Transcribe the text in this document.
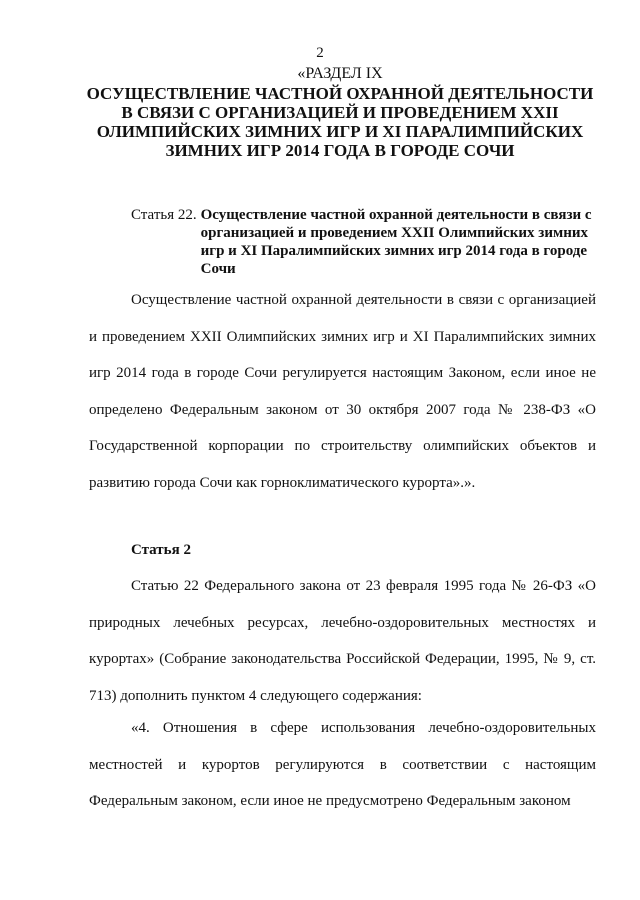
2
«РАЗДЕЛ IX
ОСУЩЕСТВЛЕНИЕ ЧАСТНОЙ ОХРАННОЙ ДЕЯТЕЛЬНОСТИ В СВЯЗИ С ОРГАНИЗАЦИЕЙ И ПРОВЕДЕНИЕМ XXII ОЛИМПИЙСКИХ ЗИМНИХ ИГР И XI ПАРАЛИМПИЙСКИХ ЗИМНИХ ИГР 2014 ГОДА В ГОРОДЕ СОЧИ
Статья 22. Осуществление частной охранной деятельности в связи с организацией и проведением XXII Олимпийских зимних игр и XI Паралимпийских зимних игр 2014 года в городе Сочи

Осуществление частной охранной деятельности в связи с организацией и проведением XXII Олимпийских зимних игр и XI Паралимпийских зимних игр 2014 года в городе Сочи регулируется настоящим Законом, если иное не определено Федеральным законом от 30 октября 2007 года № 238-ФЗ «О Государственной корпорации по строительству олимпийских объектов и развитию города Сочи как горноклиматического курорта».».

Статья 2

Статью 22 Федерального закона от 23 февраля 1995 года № 26-ФЗ «О природных лечебных ресурсах, лечебно-оздоровительных местностях и курортах» (Собрание законодательства Российской Федерации, 1995, № 9, ст. 713) дополнить пунктом 4 следующего содержания:

«4. Отношения в сфере использования лечебно-оздоровительных местностей и курортов регулируются в соответствии с настоящим Федеральным законом, если иное не предусмотрено Федеральным законом
